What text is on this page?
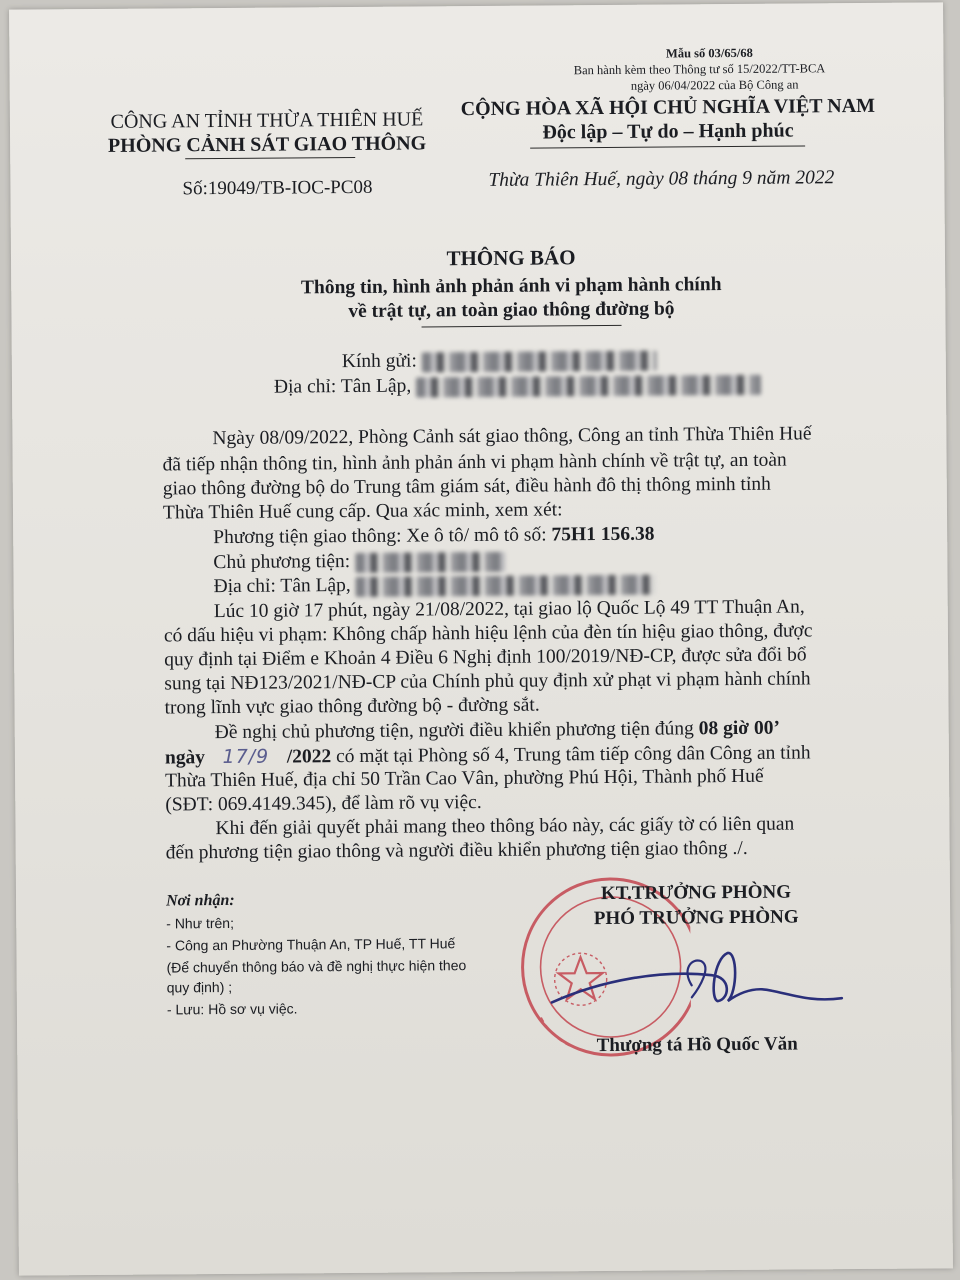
Mẫu số 03/65/68
Ban hành kèm theo Thông tư số 15/2022/TT-BCA
ngày 06/04/2022 của Bộ Công an
CÔNG AN TỈNH THỪA THIÊN HUẾ
PHÒNG CẢNH SÁT GIAO THÔNG
Số:19049/TB-IOC-PC08
CỘNG HÒA XÃ HỘI CHỦ NGHĨA VIỆT NAM
Độc lập – Tự do – Hạnh phúc
Thừa Thiên Huế, ngày 08 tháng 9 năm 2022
THÔNG BÁO
Thông tin, hình ảnh phản ánh vi phạm hành chính
về trật tự, an toàn giao thông đường bộ
Kính gửi:
Địa chỉ: Tân Lập,
Ngày 08/09/2022, Phòng Cảnh sát giao thông, Công an tỉnh Thừa Thiên Huế
đã tiếp nhận thông tin, hình ảnh phản ánh vi phạm hành chính về trật tự, an toàn
giao thông đường bộ do Trung tâm giám sát, điều hành đô thị thông minh tỉnh
Thừa Thiên Huế cung cấp. Qua xác minh, xem xét:
Phương tiện giao thông: Xe ô tô/ mô tô số: 75H1 156.38
Chủ phương tiện:
Địa chỉ: Tân Lập,
Lúc 10 giờ 17 phút, ngày 21/08/2022, tại giao lộ Quốc Lộ 49 TT Thuận An,
có dấu hiệu vi phạm: Không chấp hành hiệu lệnh của đèn tín hiệu giao thông, được
quy định tại Điểm e Khoản 4 Điều 6 Nghị định 100/2019/NĐ-CP, được sửa đổi bổ
sung tại NĐ123/2021/NĐ-CP của Chính phủ quy định xử phạt vi phạm hành chính
trong lĩnh vực giao thông đường bộ - đường sắt.
Đề nghị chủ phương tiện, người điều khiển phương tiện đúng 08 giờ 00’
ngày 17/9 /2022 có mặt tại Phòng số 4, Trung tâm tiếp công dân Công an tỉnh
Thừa Thiên Huế, địa chỉ 50 Trần Cao Vân, phường Phú Hội, Thành phố Huế
(SĐT: 069.4149.345), để làm rõ vụ việc.
Khi đến giải quyết phải mang theo thông báo này, các giấy tờ có liên quan
đến phương tiện giao thông và người điều khiển phương tiện giao thông ./.
Nơi nhận:
- Như trên;
- Công an Phường Thuận An, TP Huế, TT Huế
(Để chuyển thông báo và đề nghị thực hiện theo
quy định) ;
- Lưu: Hồ sơ vụ việc.
KT.TRƯỞNG PHÒNG
PHÓ TRƯỞNG PHÒNG
Thượng tá Hồ Quốc Văn
